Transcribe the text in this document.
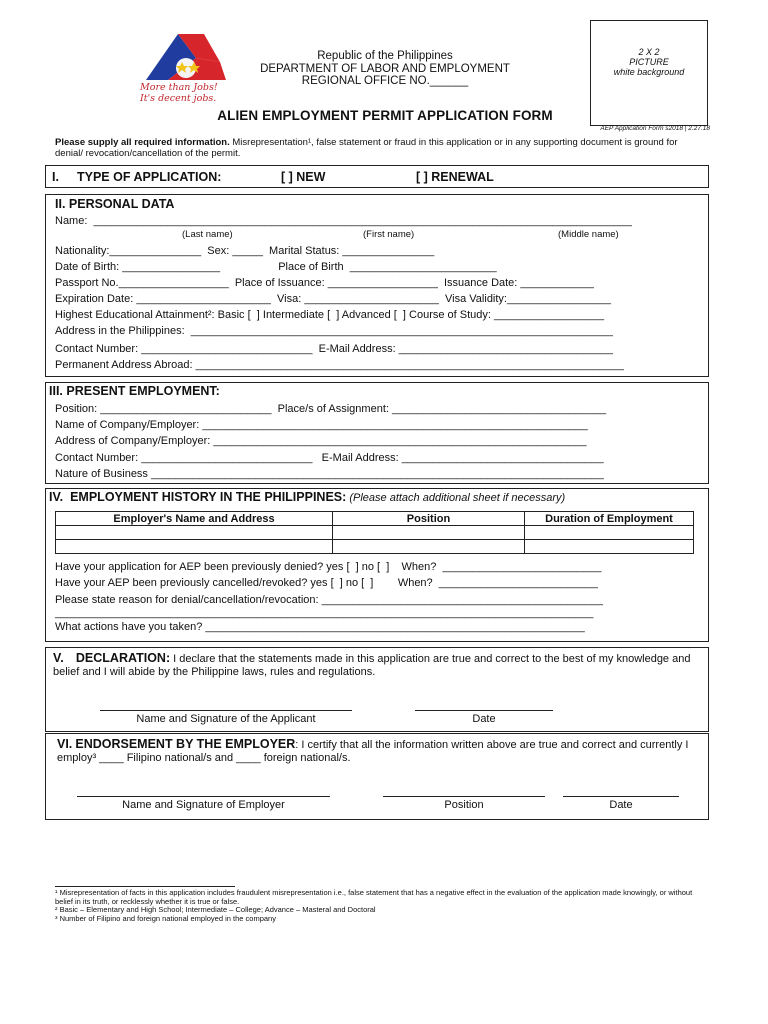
More than Jobs!
It's decent jobs.
Republic of the Philippines
DEPARTMENT OF LABOR AND EMPLOYMENT
REGIONAL OFFICE NO.______
2 X 2
PICTURE
white background
ALIEN EMPLOYMENT PERMIT APPLICATION FORM
AEP Application Form s2018 | 2.27.18
Please supply all required information. Misrepresentation¹, false statement or fraud in this application or in any supporting document is ground for denial/ revocation/cancellation of the permit.
I. TYPE OF APPLICATION:	[ ] NEW	[ ] RENEWAL
II. PERSONAL DATA
Name:  ________________________________________________________________________________________
(Last name)	(First name)	(Middle name)
Nationality:_______________  Sex: _____  Marital Status: _______________
Date of Birth: ________________                   Place of Birth  ________________________
Passport No.__________________  Place of Issuance: __________________  Issuance Date: ____________
Expiration Date: ______________________  Visa: ______________________  Visa Validity:_________________
Highest Educational Attainment²: Basic [  ] Intermediate [  ] Advanced [  ] Course of Study: __________________
Address in the Philippines:  _____________________________________________________________________
Contact Number: ____________________________  E-Mail Address: ___________________________________
Permanent Address Abroad: ______________________________________________________________________
III. PRESENT EMPLOYMENT:
Position: ____________________________  Place/s of Assignment: ___________________________________
Name of Company/Employer: _______________________________________________________________
Address of Company/Employer: _____________________________________________________________
Contact Number: ____________________________   E-Mail Address: _________________________________
Nature of Business __________________________________________________________________________
IV. EMPLOYMENT HISTORY IN THE PHILIPPINES: (Please attach additional sheet if necessary)
Employer's Name and Address	Position	Duration of Employment

Have your application for AEP been previously denied? yes [  ] no [  ]    When?  __________________________
Have your AEP been previously cancelled/revoked? yes [  ] no [  ]        When?  __________________________
Please state reason for denial/cancellation/revocation: ______________________________________________
________________________________________________________________________________________
What actions have you taken? ______________________________________________________________
V. DECLARATION: I declare that the statements made in this application are true and correct to the best of my knowledge and belief and I will abide by the Philippine laws, rules and regulations.
Name and Signature of the Applicant	Date
VI. ENDORSEMENT BY THE EMPLOYER: I certify that all the information written above are true and correct and currently I employ³ ____ Filipino national/s and ____ foreign national/s.
Name and Signature of Employer	Position	Date
¹ Misrepresentation of facts in this application includes fraudulent misrepresentation i.e., false statement that has a negative effect in the evaluation of the application made knowingly, or without belief in its truth, or recklessly whether it is true or false.
² Basic – Elementary and High School; Intermediate – College; Advance – Masteral and Doctoral
³ Number of Filipino and foreign national employed in the company
